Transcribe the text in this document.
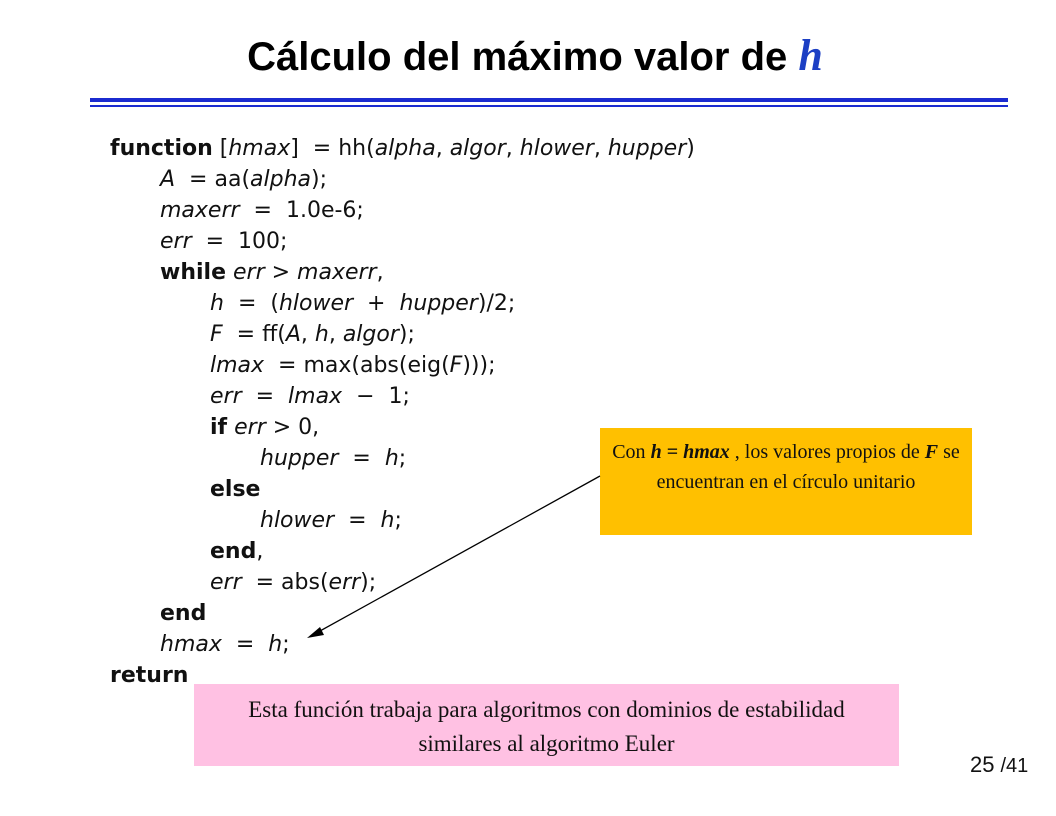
Cálculo del máximo valor de h
function [hmax]  = hh(alpha, algor, hlower, hupper)
A  = aa(alpha);
maxerr  =  1.0e-6;
err  =  100;
while err > maxerr,
h  =  (hlower  +  hupper)/2;
F  = ff(A, h, algor);
lmax  = max(abs(eig(F)));
err  =  lmax  −  1;
if err > 0,
hupper  =  h;
else
hlower  =  h;
end,
err  = abs(err);
end
hmax  =  h;
return
Con h = hmax , los valores propios de F se encuentran en el círculo unitario
Esta función trabaja para algoritmos con dominios de estabilidad similares al algoritmo Euler
25 /41
